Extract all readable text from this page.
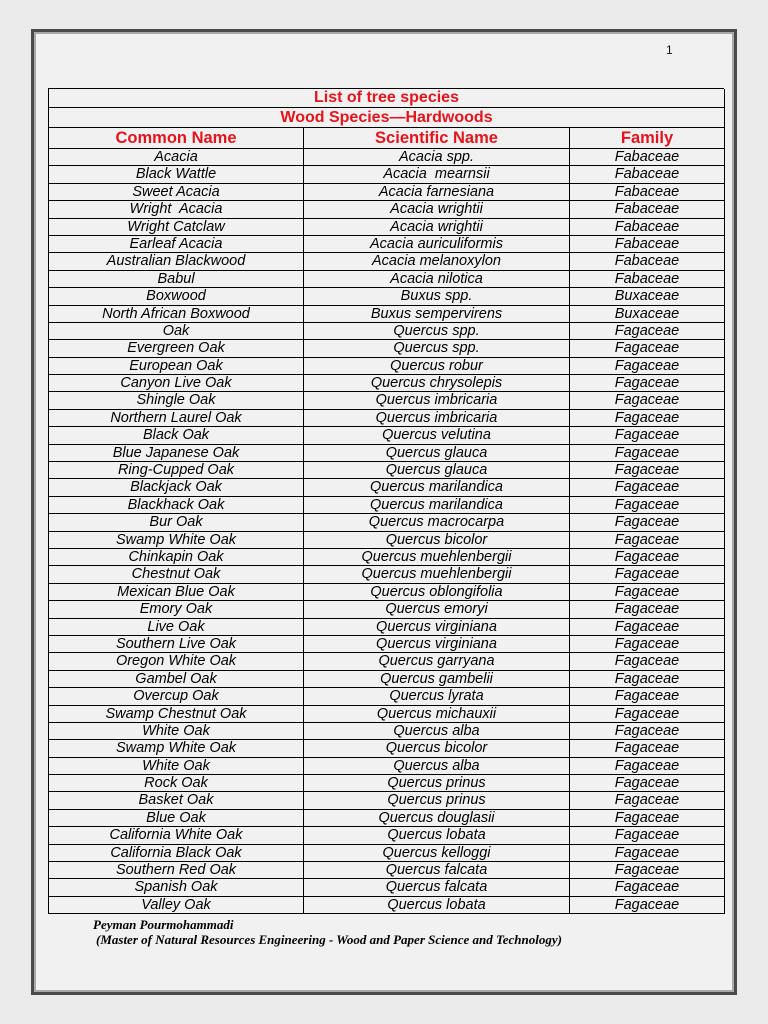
1
List of tree species
Wood Species—Hardwoods
Common Name	Scientific Name	Family
Acacia	Acacia spp.	Fabaceae
Black Wattle	Acacia  mearnsii	Fabaceae
Sweet Acacia	Acacia farnesiana	Fabaceae
Wright  Acacia	Acacia wrightii	Fabaceae
Wright Catclaw	Acacia wrightii	Fabaceae
Earleaf Acacia	Acacia auriculiformis	Fabaceae
Australian Blackwood	Acacia melanoxylon	Fabaceae
Babul	Acacia nilotica	Fabaceae
Boxwood	Buxus spp.	Buxaceae
North African Boxwood	Buxus sempervirens	Buxaceae
Oak	Quercus spp.	Fagaceae
Evergreen Oak	Quercus spp.	Fagaceae
European Oak	Quercus robur	Fagaceae
Canyon Live Oak	Quercus chrysolepis	Fagaceae
Shingle Oak	Quercus imbricaria	Fagaceae
Northern Laurel Oak	Quercus imbricaria	Fagaceae
Black Oak	Quercus velutina	Fagaceae
Blue Japanese Oak	Quercus glauca	Fagaceae
Ring-Cupped Oak	Quercus glauca	Fagaceae
Blackjack Oak	Quercus marilandica	Fagaceae
Blackhack Oak	Quercus marilandica	Fagaceae
Bur Oak	Quercus macrocarpa	Fagaceae
Swamp White Oak	Quercus bicolor	Fagaceae
Chinkapin Oak	Quercus muehlenbergii	Fagaceae
Chestnut Oak	Quercus muehlenbergii	Fagaceae
Mexican Blue Oak	Quercus oblongifolia	Fagaceae
Emory Oak	Quercus emoryi	Fagaceae
Live Oak	Quercus virginiana	Fagaceae
Southern Live Oak	Quercus virginiana	Fagaceae
Oregon White Oak	Quercus garryana	Fagaceae
Gambel Oak	Quercus gambelii	Fagaceae
Overcup Oak	Quercus lyrata	Fagaceae
Swamp Chestnut Oak	Quercus michauxii	Fagaceae
White Oak	Quercus alba	Fagaceae
Swamp White Oak	Quercus bicolor	Fagaceae
White Oak	Quercus alba	Fagaceae
Rock Oak	Quercus prinus	Fagaceae
Basket Oak	Quercus prinus	Fagaceae
Blue Oak	Quercus douglasii	Fagaceae
California White Oak	Quercus lobata	Fagaceae
California Black Oak	Quercus kelloggi	Fagaceae
Southern Red Oak	Quercus falcata	Fagaceae
Spanish Oak	Quercus falcata	Fagaceae
Valley Oak	Quercus lobata	Fagaceae
Peyman Pourmohammadi
(Master of Natural Resources Engineering - Wood and Paper Science and Technology)
